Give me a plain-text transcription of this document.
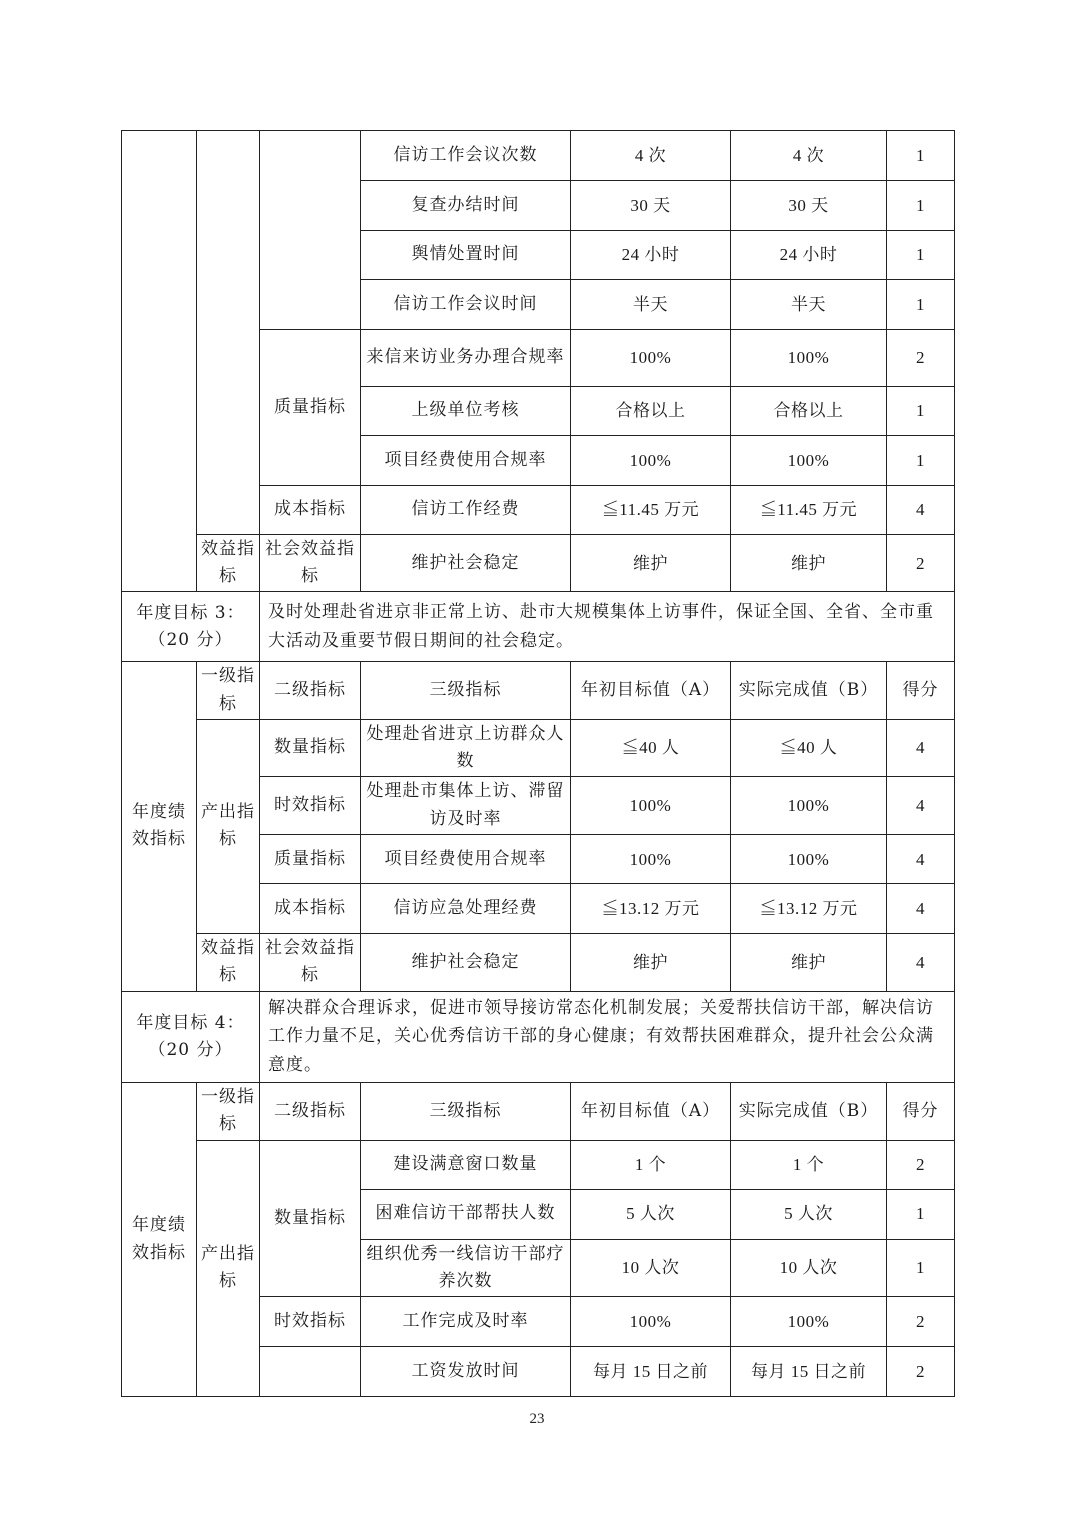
			信访工作会议次数	4 次	4 次	1
			复查办结时间	30 天	30 天	1
			舆情处置时间	24 小时	24 小时	1
			信访工作会议时间	半天	半天	1
		质量指标	来信来访业务办理合规率	100%	100%	2
			上级单位考核	合格以上	合格以上	1
			项目经费使用合规率	100%	100%	1
		成本指标	信访工作经费	≦11.45 万元	≦11.45 万元	4
	效益指标	社会效益指标	维护社会稳定	维护	维护	2
年度目标 3：（20 分）		及时处理赴省进京非正常上访、赴市大规模集体上访事件，保证全国、全省、全市重大活动及重要节假日期间的社会稳定。				
年度绩效指标	一级指标	二级指标	三级指标	年初目标值（A）	实际完成值（B）	得分
	产出指标	数量指标	处理赴省进京上访群众人数	≦40 人	≦40 人	4
		时效指标	处理赴市集体上访、滞留访及时率	100%	100%	4
		质量指标	项目经费使用合规率	100%	100%	4
		成本指标	信访应急处理经费	≦13.12 万元	≦13.12 万元	4
	效益指标	社会效益指标	维护社会稳定	维护	维护	4
年度目标 4：（20 分）		解决群众合理诉求，促进市领导接访常态化机制发展；关爱帮扶信访干部，解决信访工作力量不足，关心优秀信访干部的身心健康；有效帮扶困难群众，提升社会公众满意度。				
年度绩效指标	一级指标	二级指标	三级指标	年初目标值（A）	实际完成值（B）	得分
	产出指标	数量指标	建设满意窗口数量	1 个	1 个	2
			困难信访干部帮扶人数	5 人次	5 人次	1
			组织优秀一线信访干部疗养次数	10 人次	10 人次	1
		时效指标	工作完成及时率	100%	100%	2
			工资发放时间	每月 15 日之前	每月 15 日之前	2
23
